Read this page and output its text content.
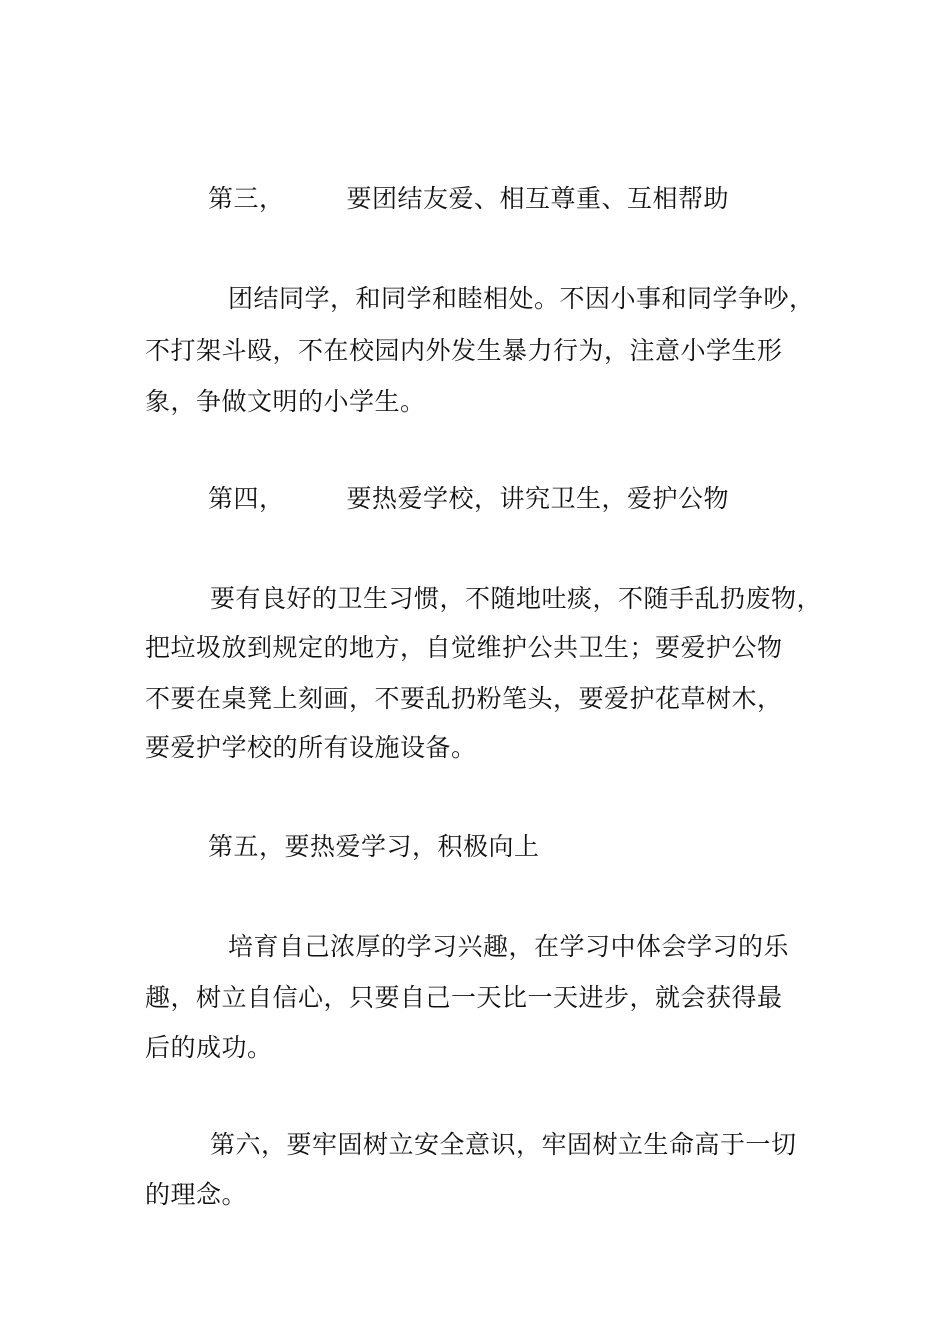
第三， 要团结友爱、相互尊重、互相帮助
团结同学，和同学和睦相处。不因小事和同学争吵，
不打架斗殴，不在校园内外发生暴力行为，注意小学生形
象，争做文明的小学生。
第四， 要热爱学校，讲究卫生，爱护公物
要有良好的卫生习惯，不随地吐痰，不随手乱扔废物，
把垃圾放到规定的地方，自觉维护公共卫生；要爱护公物
不要在桌凳上刻画，不要乱扔粉笔头，要爱护花草树木，
要爱护学校的所有设施设备。
第五，要热爱学习，积极向上
培育自己浓厚的学习兴趣，在学习中体会学习的乐
趣，树立自信心，只要自己一天比一天进步，就会获得最
后的成功。
第六，要牢固树立安全意识，牢固树立生命高于一切
的理念。
